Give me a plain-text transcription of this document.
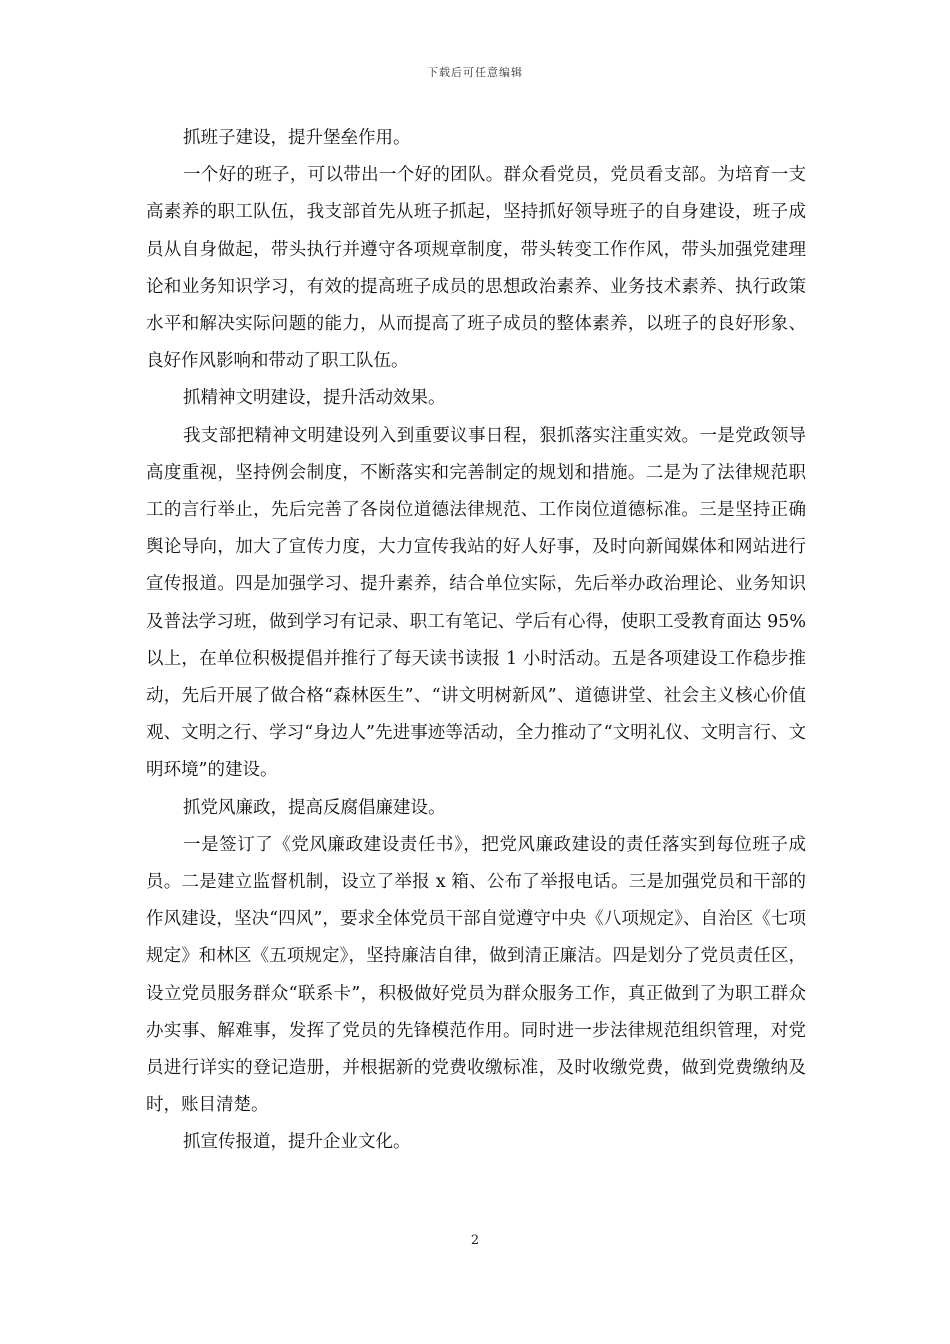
下载后可任意编辑

抓班子建设，提升堡垒作用。

一个好的班子，可以带出一个好的团队。群众看党员，党员看支部。为培育一支高素养的职工队伍，我支部首先从班子抓起，坚持抓好领导班子的自身建设，班子成员从自身做起，带头执行并遵守各项规章制度，带头转变工作作风，带头加强党建理论和业务知识学习，有效的提高班子成员的思想政治素养、业务技术素养、执行政策水平和解决实际问题的能力，从而提高了班子成员的整体素养，以班子的良好形象、良好作风影响和带动了职工队伍。

抓精神文明建设，提升活动效果。

我支部把精神文明建设列入到重要议事日程，狠抓落实注重实效。一是党政领导高度重视，坚持例会制度，不断落实和完善制定的规划和措施。二是为了法律规范职工的言行举止，先后完善了各岗位道德法律规范、工作岗位道德标准。三是坚持正确舆论导向，加大了宣传力度，大力宣传我站的好人好事，及时向新闻媒体和网站进行宣传报道。四是加强学习、提升素养，结合单位实际，先后举办政治理论、业务知识及普法学习班，做到学习有记录、职工有笔记、学后有心得，使职工受教育面达 95%以上，在单位积极提倡并推行了每天读书读报 1 小时活动。五是各项建设工作稳步推动，先后开展了做合格“森林医生”、“讲文明树新风”、道德讲堂、社会主义核心价值观、文明之行、学习“身边人”先进事迹等活动，全力推动了“文明礼仪、文明言行、文明环境”的建设。

抓党风廉政，提高反腐倡廉建设。

一是签订了《党风廉政建设责任书》，把党风廉政建设的责任落实到每位班子成员。二是建立监督机制，设立了举报 x 箱、公布了举报电话。三是加强党员和干部的作风建设，坚决“四风”，要求全体党员干部自觉遵守中央《八项规定》、自治区《七项规定》和林区《五项规定》，坚持廉洁自律，做到清正廉洁。四是划分了党员责任区，设立党员服务群众“联系卡”，积极做好党员为群众服务工作，真正做到了为职工群众办实事、解难事，发挥了党员的先锋模范作用。同时进一步法律规范组织管理，对党员进行详实的登记造册，并根据新的党费收缴标准，及时收缴党费，做到党费缴纳及时，账目清楚。

抓宣传报道，提升企业文化。

2
